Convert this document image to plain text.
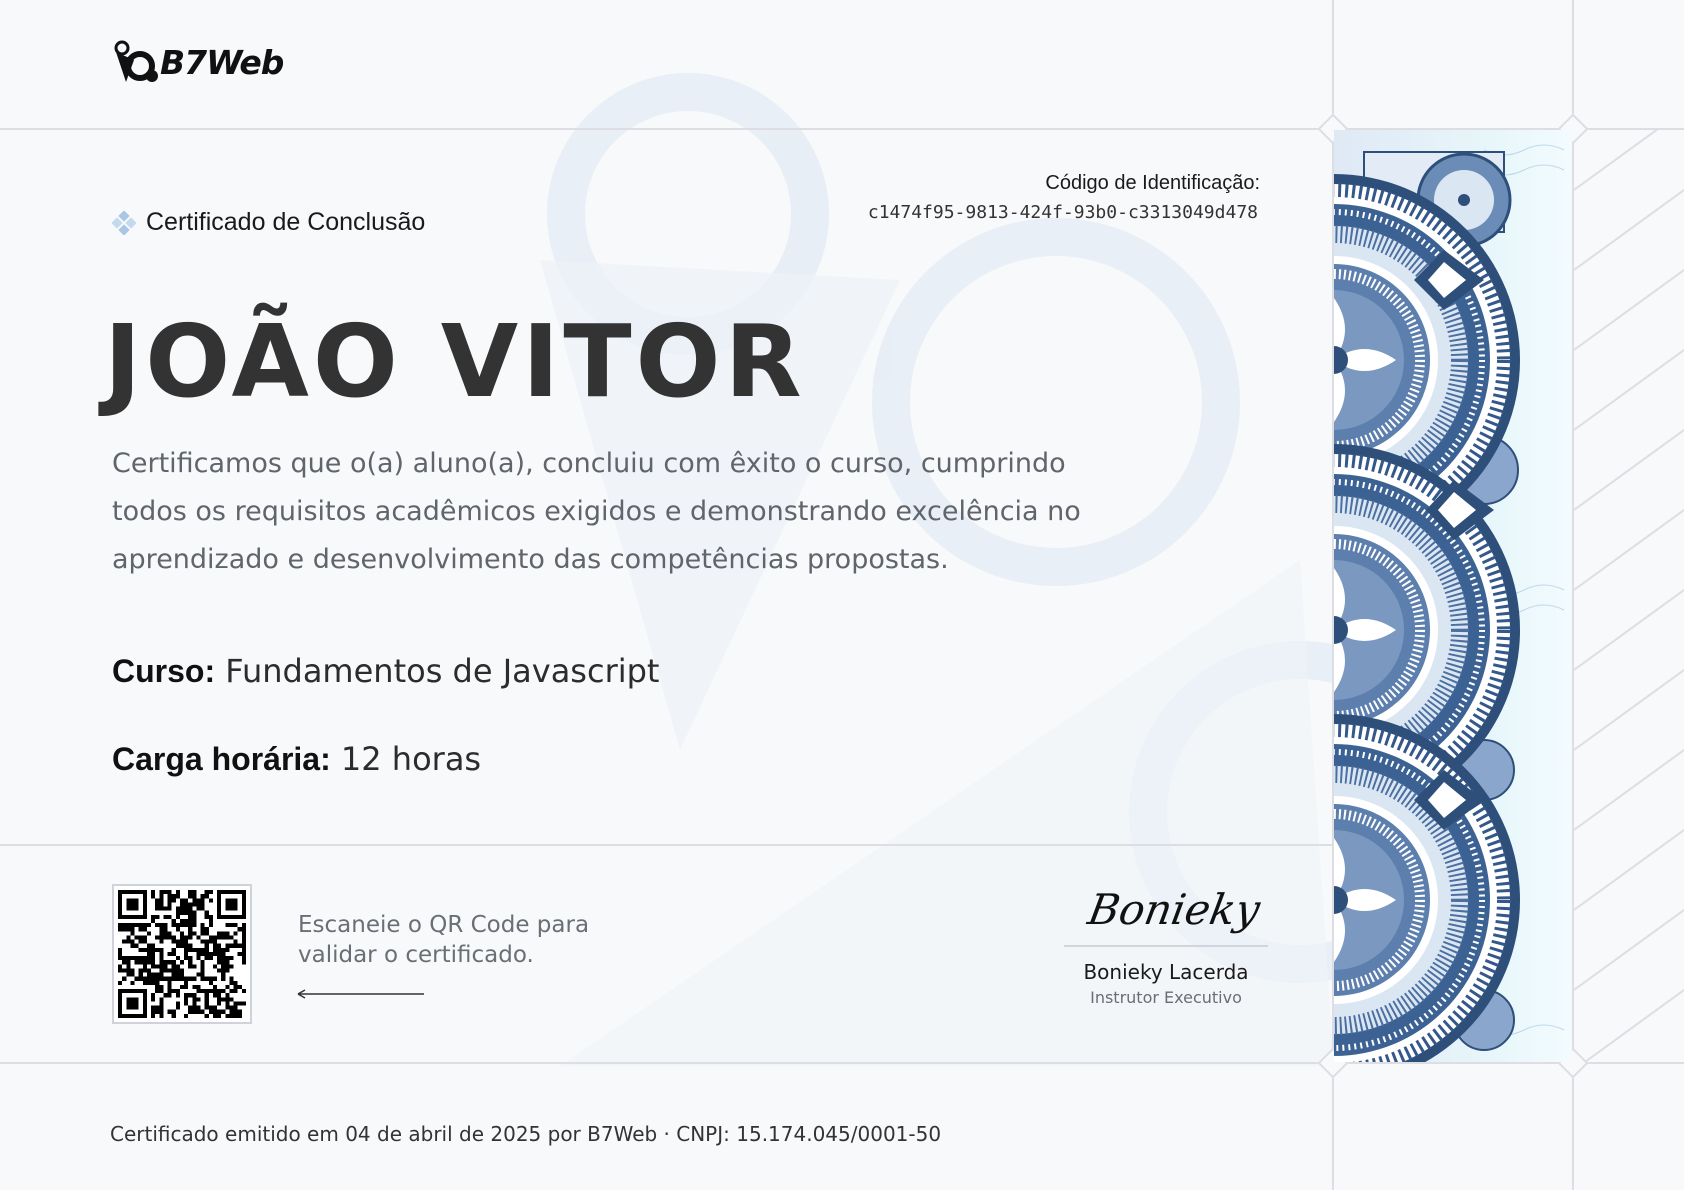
B7Web
Certificado de Conclusão
Código de Identificação:
c1474f95-9813-424f-93b0-c3313049d478
JOÃO VITOR
Certificamos que o(a) aluno(a), concluiu com êxito o curso, cumprindo todos os requisitos acadêmicos exigidos e demonstrando excelência no aprendizado e desenvolvimento das competências propostas.
Curso: Fundamentos de Javascript
Carga horária: 12 horas
Escaneie o QR Code para
validar o certificado.
Bonieky
Bonieky Lacerda
Instrutor Executivo
Certificado emitido em 04 de abril de 2025 por B7Web · CNPJ: 15.174.045/0001-50
